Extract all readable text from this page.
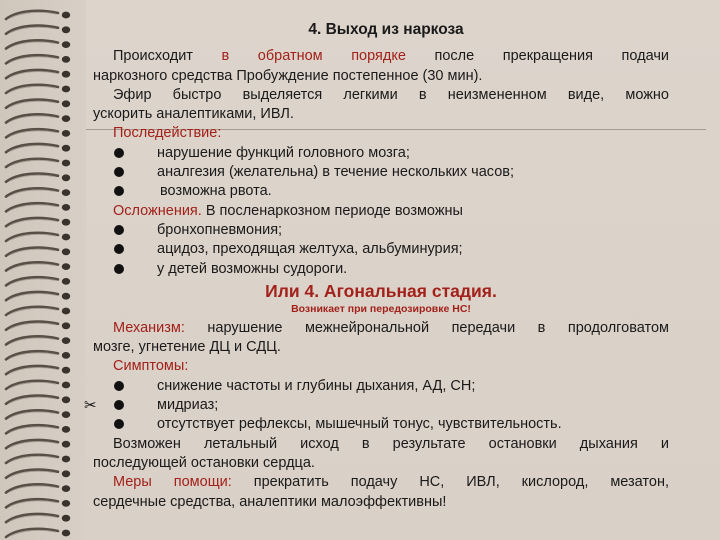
4. Выход из наркоза
Происходит в обратном порядке после прекращения подачи
наркозного средства Пробуждение постепенное (30 мин).
Эфир быстро выделяется легкими в неизмененном виде, можно
ускорить аналептиками, ИВЛ.
Последействие:
нарушение функций головного мозга;
аналгезия (желательна) в течение нескольких часов;
возможна рвота.
Осложнения. В посленаркозном периоде возможны
бронхопневмония;
ацидоз, преходящая желтуха, альбуминурия;
у детей возможны судороги.
Или 4. Агональная стадия.
Возникает при передозировке НС!
Механизм: нарушение межнейрональной передачи в продолговатом
мозге, угнетение ДЦ и СДЦ.
Симптомы:
снижение частоты и глубины дыхания, АД, СН;
✂	мидриаз;
отсутствует рефлексы, мышечный тонус, чувствительность.
Возможен летальный исход в результате остановки дыхания и
последующей остановки сердца.
Меры помощи: прекратить подачу НС, ИВЛ, кислород, мезатон,
сердечные средства, аналептики малоэффективны!
